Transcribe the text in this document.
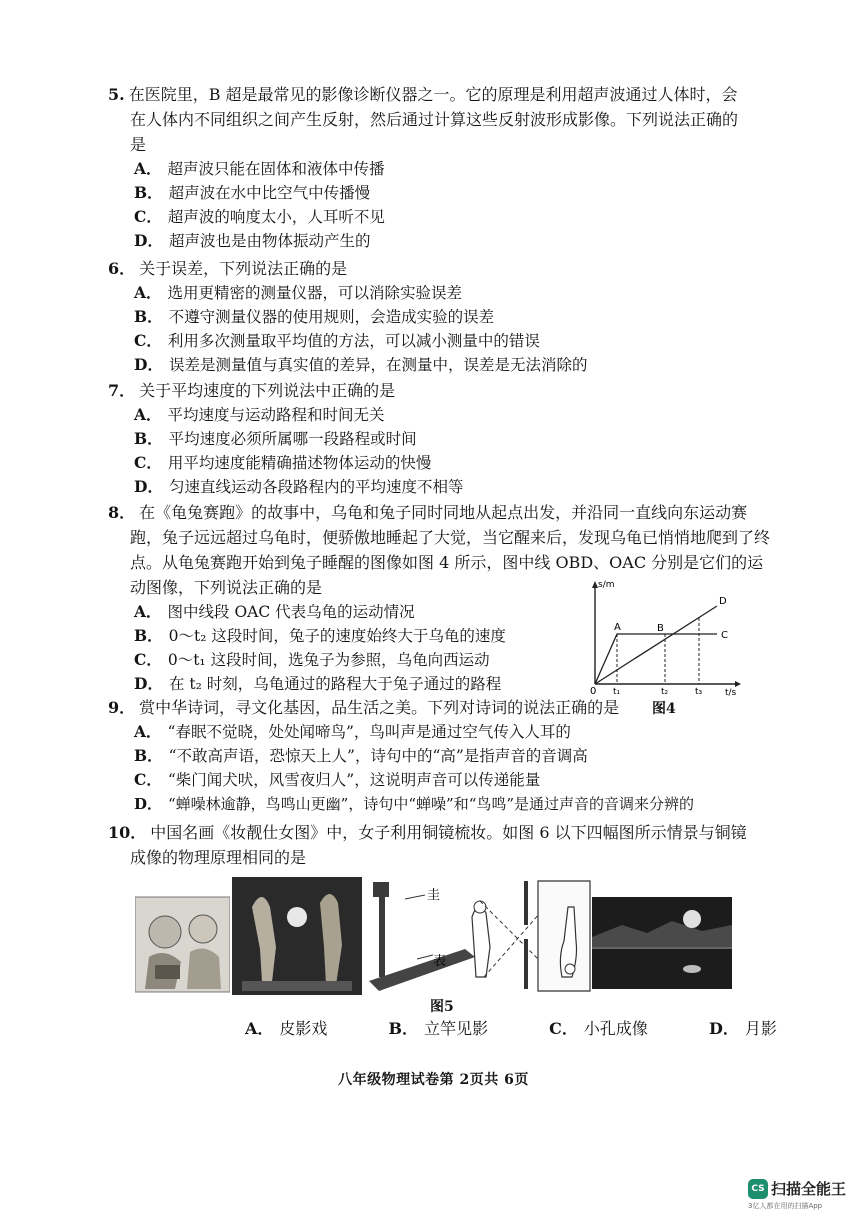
5. 在医院里，B 超是最常见的影像诊断仪器之一。它的原理是利用超声波通过人体时，会在人体内不同组织之间产生反射，然后通过计算这些反射波形成影像。下列说法正确的是
A． 超声波只能在固体和液体中传播
B． 超声波在水中比空气中传播慢
C． 超声波的响度太小，人耳听不见
D． 超声波也是由物体振动产生的
6． 关于误差，下列说法正确的是
A． 选用更精密的测量仪器，可以消除实验误差
B． 不遵守测量仪器的使用规则，会造成实验的误差
C． 利用多次测量取平均值的方法，可以减小测量中的错误
D． 误差是测量值与真实值的差异，在测量中，误差是无法消除的
7． 关于平均速度的下列说法中正确的是
A． 平均速度与运动路程和时间无关
B． 平均速度必须所属哪一段路程或时间
C． 用平均速度能精确描述物体运动的快慢
D． 匀速直线运动各段路程内的平均速度不相等
8． 在《龟兔赛跑》的故事中，乌龟和兔子同时同地从起点出发，并沿同一直线向东运动赛跑，兔子远远超过乌龟时，便骄傲地睡起了大觉，当它醒来后，发现乌龟已悄悄地爬到了终点。从龟兔赛跑开始到兔子睡醒的图像如图 4 所示，图中线 OBD、OAC 分别是它们的运动图像，下列说法正确的是
A． 图中线段 OAC 代表乌龟的运动情况
B． 0～t₂ 这段时间，兔子的速度始终大于乌龟的速度
C． 0～t₁ 这段时间，选兔子为参照，乌龟向西运动
D． 在 t₂ 时刻，乌龟通过的路程大于兔子通过的路程
s/m
t/s
0
A	B
C
D
t₁	t₂	t₃
9． 赏中华诗词，寻文化基因，品生活之美。下列对诗词的说法正确的是
A． “春眠不觉晓，处处闻啼鸟”，鸟叫声是通过空气传入人耳的
B． “不敢高声语，恐惊天上人”，诗句中的“高”是指声音的音调高
C． “柴门闻犬吠，风雪夜归人”，这说明声音可以传递能量
D． “蝉噪林逾静，鸟鸣山更幽”，诗句中“蝉噪”和“鸟鸣”是通过声音的音调来分辨的
图4
10． 中国名画《妆靓仕女图》中，女子利用铜镜梳妆。如图 6 以下四幅图所示情景与铜镜成像的物理原理相同的是
圭
表
图5
A． 皮影戏	B． 立竿见影	C． 小孔成像	D． 月影
八年级物理试卷第 2页共 6页
CS 扫描全能王
3亿人都在用的扫描App
